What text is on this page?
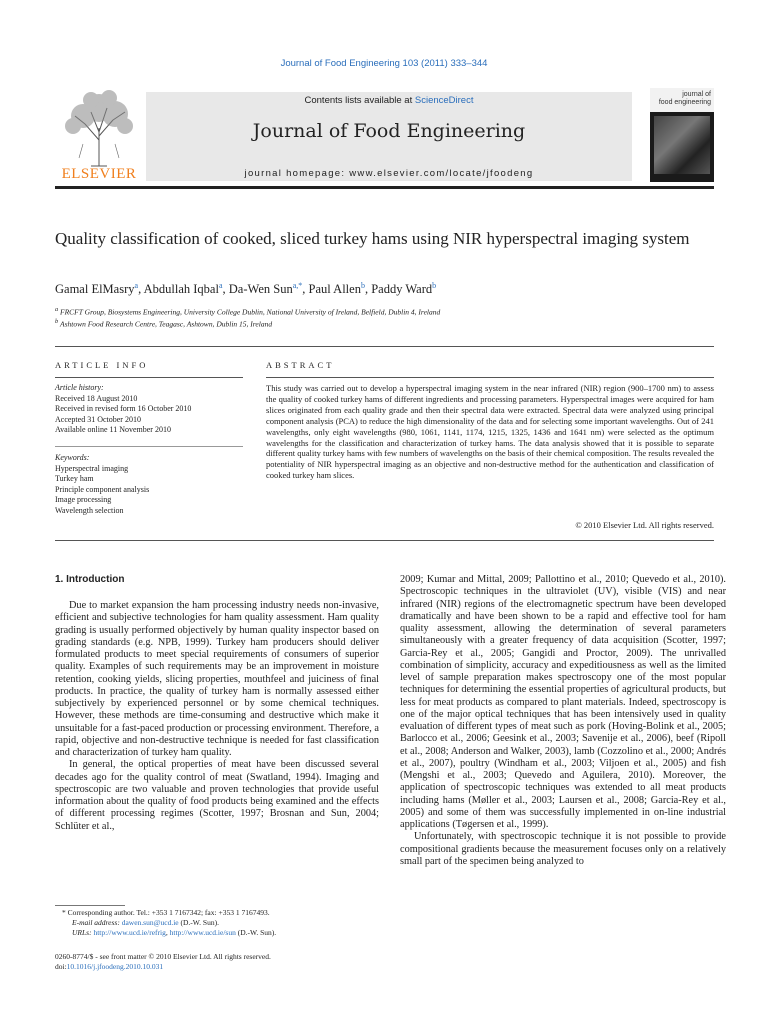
Journal of Food Engineering 103 (2011) 333–344
ELSEVIER
Contents lists available at ScienceDirect
Journal of Food Engineering
journal homepage: www.elsevier.com/locate/jfoodeng
journal of
food engineering
Quality classification of cooked, sliced turkey hams using NIR hyperspectral imaging system
Gamal ElMasry$^a$, Abdullah Iqbal$^a$, Da-Wen Sun$^{a,*}$, Paul Allen$^b$, Paddy Ward$^b$
$^a$ FRCFT Group, Biosystems Engineering, University College Dublin, National University of Ireland, Belfield, Dublin 4, Ireland
$^b$ Ashtown Food Research Centre, Teagasc, Ashtown, Dublin 15, Ireland
ARTICLE INFO
Article history:
Received 18 August 2010
Received in revised form 16 October 2010
Accepted 31 October 2010
Available online 11 November 2010
Keywords:
Hyperspectral imaging
Turkey ham
Principle component analysis
Image processing
Wavelength selection
ABSTRACT
This study was carried out to develop a hyperspectral imaging system in the near infrared (NIR) region (900–1700 nm) to assess the quality of cooked turkey hams of different ingredients and processing parameters. Hyperspectral images were acquired for ham slices originated from each quality grade and then their spectral data were extracted. Spectral data were analyzed using principal component analysis (PCA) to reduce the high dimensionality of the data and for selecting some important wavelengths. Out of 241 wavelengths, only eight wavelengths (980, 1061, 1141, 1174, 1215, 1325, 1436 and 1641 nm) were selected as the optimum wavelengths for the classification and characterization of turkey hams. The data analysis showed that it is possible to separate different quality turkey hams with few numbers of wavelengths on the basis of their chemical composition. The results revealed the potentiality of NIR hyperspectral imaging as an objective and non-destructive method for the authentication and classification of cooked turkey ham slices.
© 2010 Elsevier Ltd. All rights reserved.
1. Introduction

Due to market expansion the ham processing industry needs non-invasive, efficient and subjective technologies for ham quality assessment. Ham quality grading is usually performed objectively by human quality inspector based on grading standards (e.g. NPB, 1999). Turkey ham producers should deliver formulated products to meet special requirements of consumers of superior quality. Examples of such requirements may be an improvement in moisture retention, cooking yields, slicing properties, mouthfeel and juiciness of final products. In practice, the quality of turkey ham is normally assessed either subjectively by experienced personnel or by some chemical techniques. However, these methods are time-consuming and destructive which make it unsuitable for a fast-paced production or processing environment. Therefore, a rapid, objective and non-destructive technique is needed for fast classification and characterization of turkey ham quality.

In general, the optical properties of meat have been discussed several decades ago for the quality control of meat (Swatland, 1994). Imaging and spectroscopic are two valuable and proven technologies that provide useful information about the quality of food products being examined and the effects of different processing regimes (Scotter, 1997; Brosnan and Sun, 2004; Schlüter et al.,

2009; Kumar and Mittal, 2009; Pallottino et al., 2010; Quevedo et al., 2010). Spectroscopic techniques in the ultraviolet (UV), visible (VIS) and near infrared (NIR) regions of the electromagnetic spectrum have been developed dramatically and have been shown to be a rapid and effective tool for ham quality assessment, allowing the determination of several parameters simultaneously with a greater frequency of data acquisition (Scotter, 1997; Garcia-Rey et al., 2005; Gangidi and Proctor, 2009). The unrivalled combination of simplicity, accuracy and expeditiousness as well as the limited level of sample preparation makes spectroscopy one of the most popular techniques for determining the essential properties of agricultural products, but less for meat products as compared to plant materials. Indeed, spectroscopy is one of the major optical techniques that has been intensively used in quality evaluation of different types of meat such as pork (Hoving-Bolink et al., 2005; Barlocco et al., 2006; Geesink et al., 2003; Savenije et al., 2006), beef (Ripoll et al., 2008; Anderson and Walker, 2003), lamb (Cozzolino et al., 2000; Andrés et al., 2007), poultry (Windham et al., 2003; Viljoen et al., 2005) and fish (Mengshi et al., 2003; Quevedo and Aguilera, 2010). Moreover, the application of spectroscopic techniques was extended to all meat products including hams (Møller et al., 2003; Laursen et al., 2008; Garcia-Rey et al., 2005) and some of them was successfully implemented in on-line industrial applications (Tøgersen et al., 1999).

Unfortunately, with spectroscopic technique it is not possible to provide compositional gradients because the measurement focuses only on a relatively small part of the specimen being analyzed to

* Corresponding author. Tel.: +353 1 7167342; fax: +353 1 7167493.
E-mail address: dawen.sun@ucd.ie (D.-W. Sun).
URLs: http://www.ucd.ie/refrig, http://www.ucd.ie/sun (D.-W. Sun).
0260-8774/$ - see front matter © 2010 Elsevier Ltd. All rights reserved.
doi:10.1016/j.jfoodeng.2010.10.031
